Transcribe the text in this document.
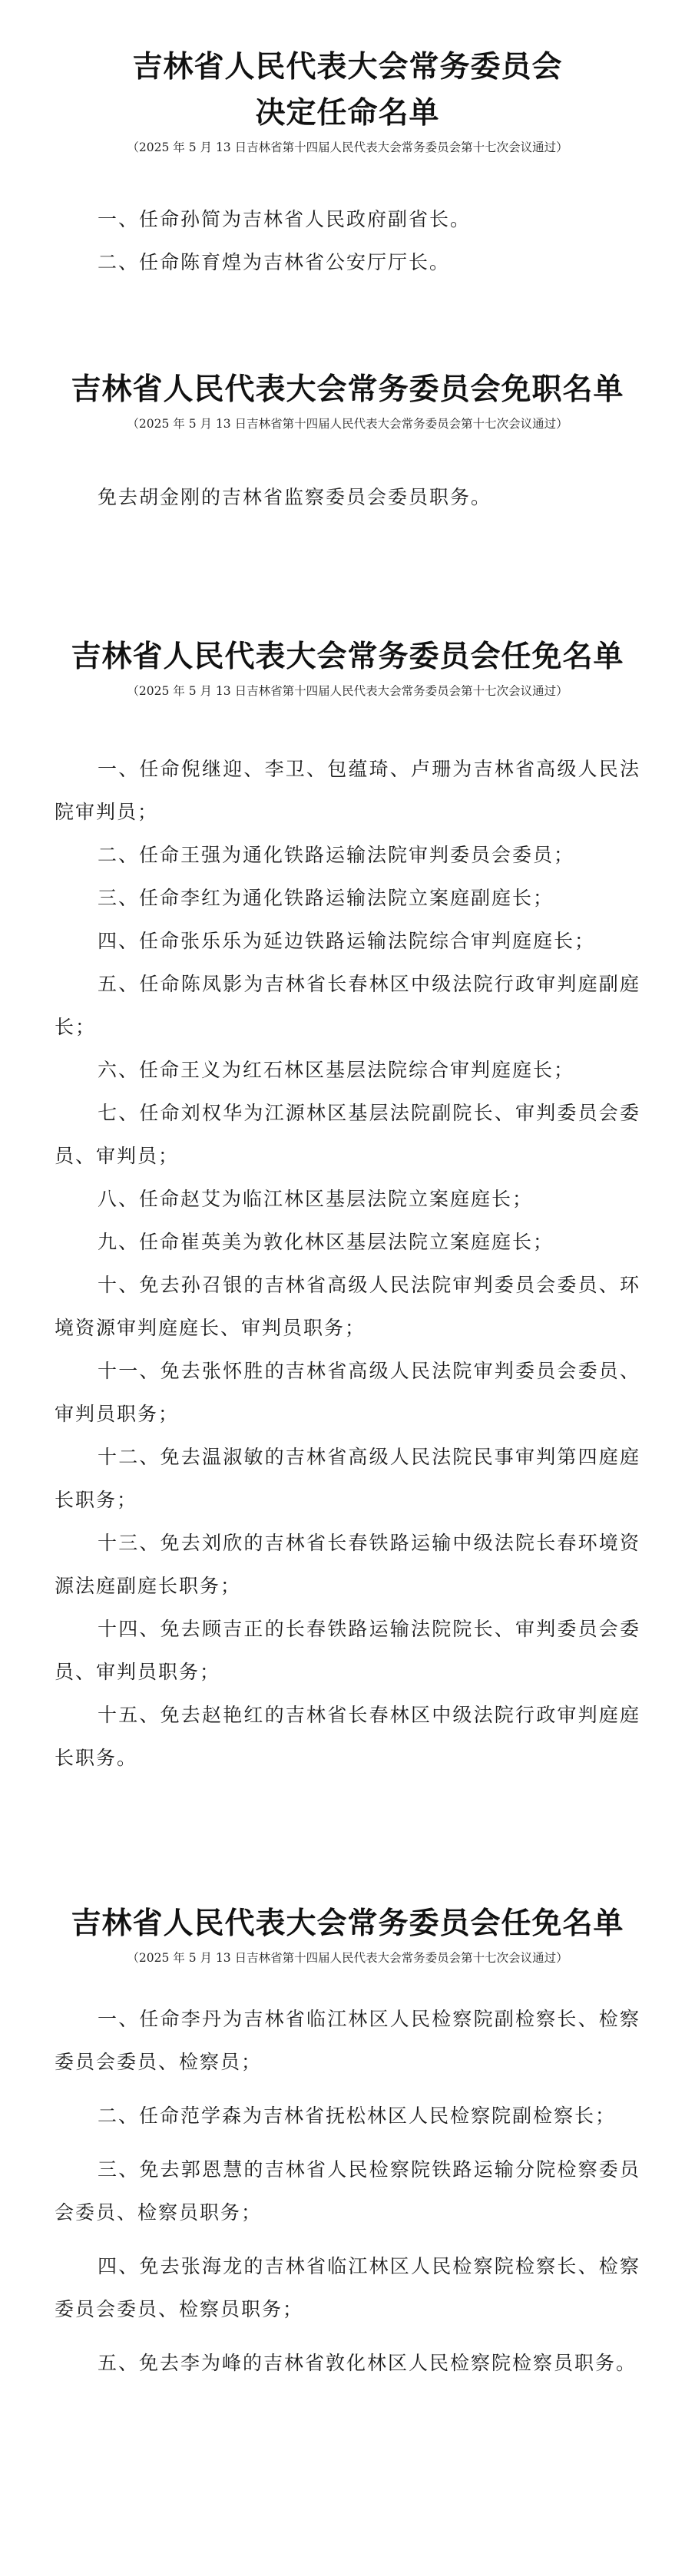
吉林省人民代表大会常务委员会
决定任命名单
（2025 年 5 月 13 日吉林省第十四届人民代表大会常务委员会第十七次会议通过）

一、任命孙简为吉林省人民政府副省长。

二、任命陈育煌为吉林省公安厅厅长。

吉林省人民代表大会常务委员会免职名单
（2025 年 5 月 13 日吉林省第十四届人民代表大会常务委员会第十七次会议通过）

免去胡金刚的吉林省监察委员会委员职务。

吉林省人民代表大会常务委员会任免名单
（2025 年 5 月 13 日吉林省第十四届人民代表大会常务委员会第十七次会议通过）

一、任命倪继迎、李卫、包蕴琦、卢珊为吉林省高级人民法院审判员；

二、任命王强为通化铁路运输法院审判委员会委员；

三、任命李红为通化铁路运输法院立案庭副庭长；

四、任命张乐乐为延边铁路运输法院综合审判庭庭长；

五、任命陈凤影为吉林省长春林区中级法院行政审判庭副庭长；

六、任命王义为红石林区基层法院综合审判庭庭长；

七、任命刘权华为江源林区基层法院副院长、审判委员会委员、审判员；

八、任命赵艾为临江林区基层法院立案庭庭长；

九、任命崔英美为敦化林区基层法院立案庭庭长；

十、免去孙召银的吉林省高级人民法院审判委员会委员、环境资源审判庭庭长、审判员职务；

十一、免去张怀胜的吉林省高级人民法院审判委员会委员、审判员职务；

十二、免去温淑敏的吉林省高级人民法院民事审判第四庭庭长职务；

十三、免去刘欣的吉林省长春铁路运输中级法院长春环境资源法庭副庭长职务；

十四、免去顾吉正的长春铁路运输法院院长、审判委员会委员、审判员职务；

十五、免去赵艳红的吉林省长春林区中级法院行政审判庭庭长职务。

吉林省人民代表大会常务委员会任免名单
（2025 年 5 月 13 日吉林省第十四届人民代表大会常务委员会第十七次会议通过）

一、任命李丹为吉林省临江林区人民检察院副检察长、检察委员会委员、检察员；

二、任命范学森为吉林省抚松林区人民检察院副检察长；

三、免去郭恩慧的吉林省人民检察院铁路运输分院检察委员会委员、检察员职务；

四、免去张海龙的吉林省临江林区人民检察院检察长、检察委员会委员、检察员职务；

五、免去李为峰的吉林省敦化林区人民检察院检察员职务。
